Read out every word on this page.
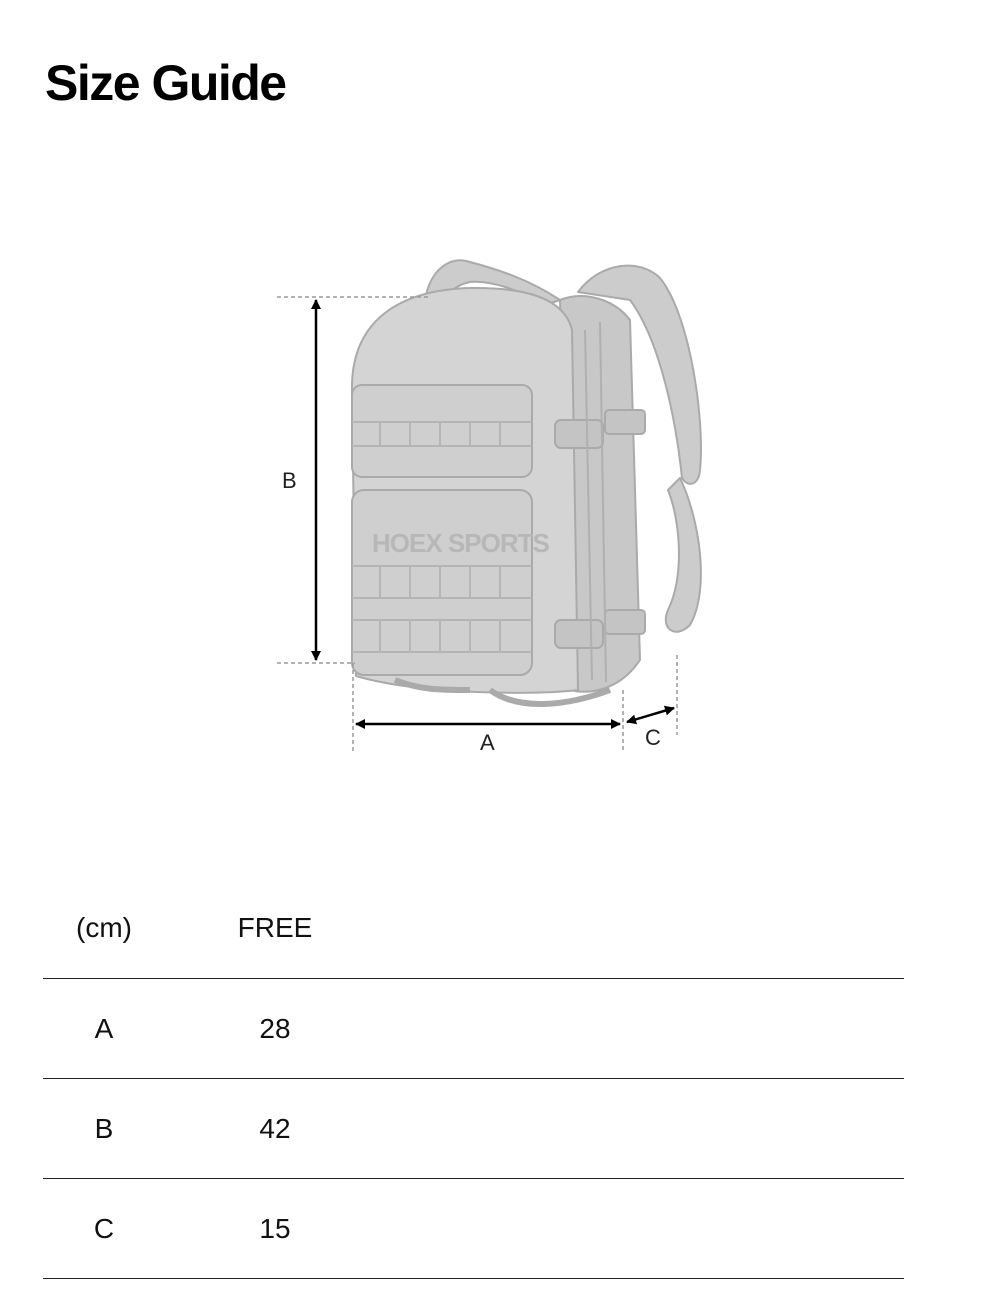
Size Guide
HOEX SPORTS
B
A	C
(cm)	FREE	
A	28	
B	42	
C	15	
